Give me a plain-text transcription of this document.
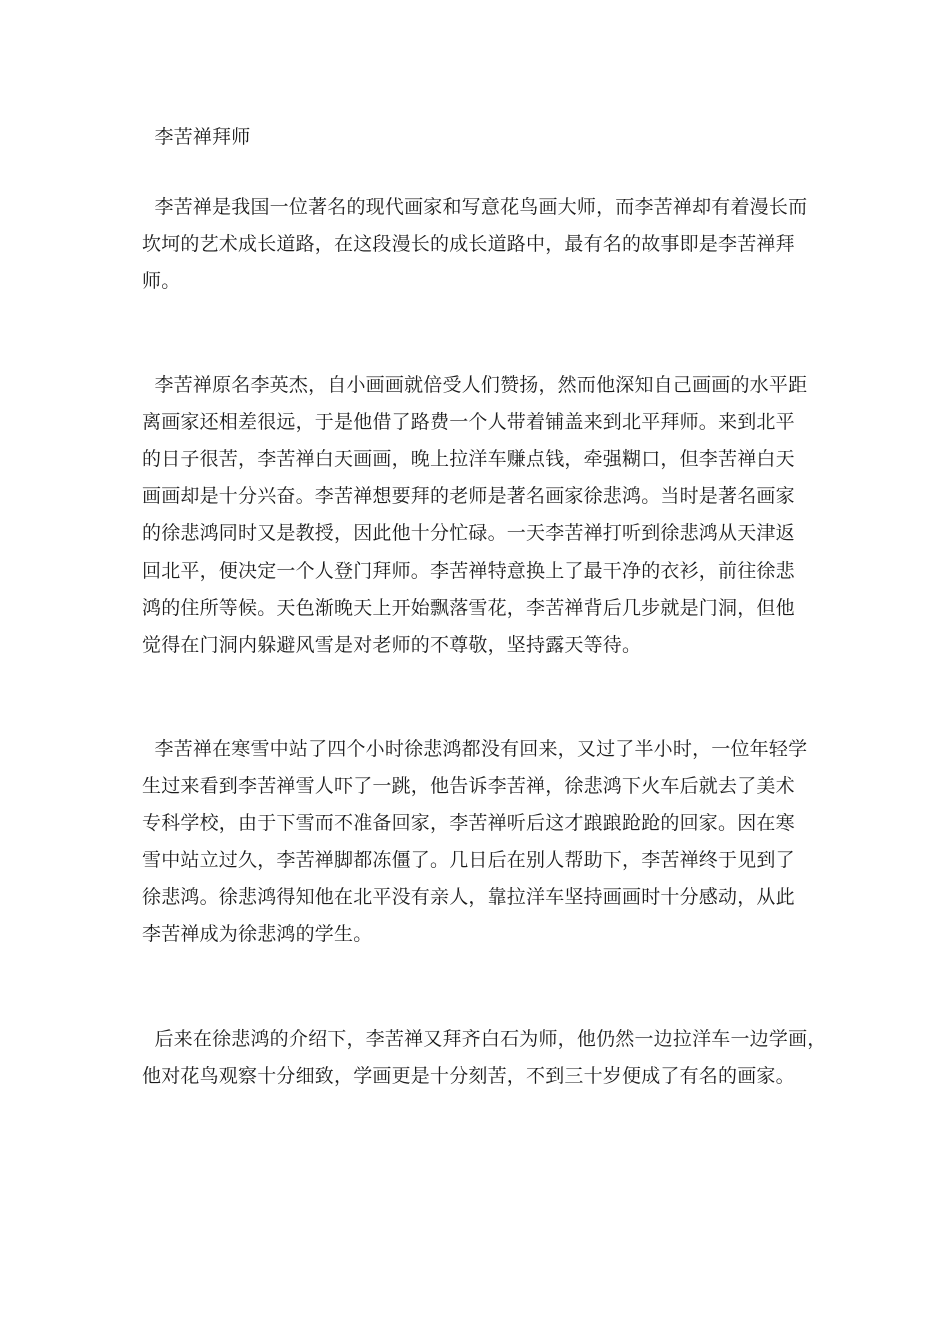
李苦禅拜师
李苦禅是我国一位著名的现代画家和写意花鸟画大师，而李苦禅却有着漫长而
坎坷的艺术成长道路，在这段漫长的成长道路中，最有名的故事即是李苦禅拜
师。
李苦禅原名李英杰，自小画画就倍受人们赞扬，然而他深知自己画画的水平距
离画家还相差很远，于是他借了路费一个人带着铺盖来到北平拜师。来到北平
的日子很苦，李苦禅白天画画，晚上拉洋车赚点钱，牵强糊口，但李苦禅白天
画画却是十分兴奋。李苦禅想要拜的老师是著名画家徐悲鸿。当时是著名画家
的徐悲鸿同时又是教授，因此他十分忙碌。一天李苦禅打听到徐悲鸿从天津返
回北平，便决定一个人登门拜师。李苦禅特意换上了最干净的衣衫，前往徐悲
鸿的住所等候。天色渐晚天上开始飘落雪花，李苦禅背后几步就是门洞，但他
觉得在门洞内躲避风雪是对老师的不尊敬，坚持露天等待。
李苦禅在寒雪中站了四个小时徐悲鸿都没有回来，又过了半小时，一位年轻学
生过来看到李苦禅雪人吓了一跳，他告诉李苦禅，徐悲鸿下火车后就去了美术
专科学校，由于下雪而不准备回家，李苦禅听后这才踉踉跄跄的回家。因在寒
雪中站立过久，李苦禅脚都冻僵了。几日后在别人帮助下，李苦禅终于见到了
徐悲鸿。徐悲鸿得知他在北平没有亲人，靠拉洋车坚持画画时十分感动，从此
李苦禅成为徐悲鸿的学生。
后来在徐悲鸿的介绍下，李苦禅又拜齐白石为师，他仍然一边拉洋车一边学画，
他对花鸟观察十分细致，学画更是十分刻苦，不到三十岁便成了有名的画家。
